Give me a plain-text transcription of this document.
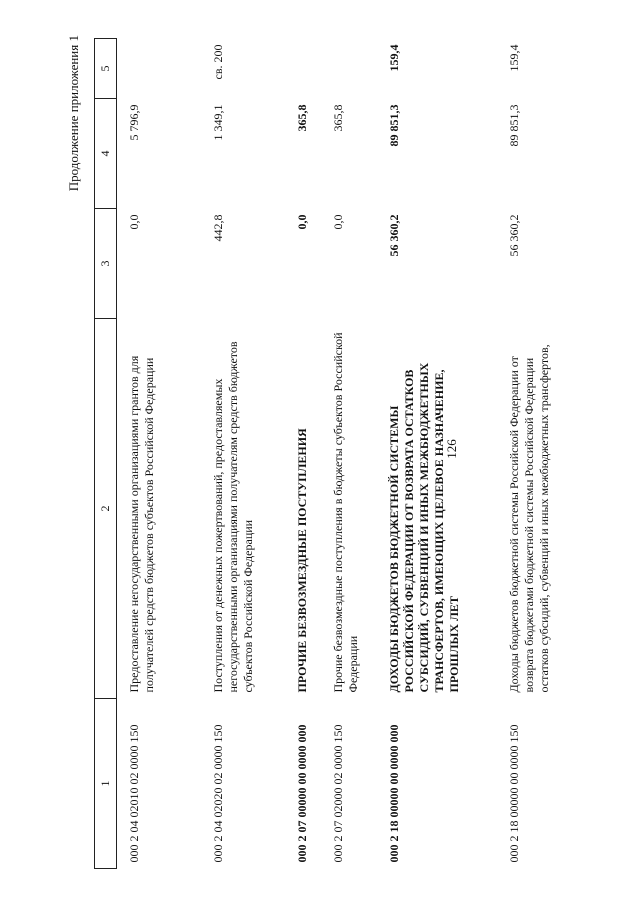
126
Продолжение приложения 1
1	2	3	4	5
000 2 04 02010 02 0000 150	Предоставление негосударственными организациями грантов для получателей средств бюджетов субъектов Российской Федерации	0,0	5 796,9	
000 2 04 02020 02 0000 150	Поступления от денежных пожертвований, предоставляемых негосударственными организациями получателям средств бюджетов субъектов Российской Федерации	442,8	1 349,1	св. 200
000 2 07 00000 00 0000 000	ПРОЧИЕ БЕЗВОЗМЕЗДНЫЕ ПОСТУПЛЕНИЯ	0,0	365,8	
000 2 07 02000 02 0000 150	Прочие безвозмездные поступления в бюджеты субъектов Российской Федерации	0,0	365,8	
000 2 18 00000 00 0000 000	ДОХОДЫ БЮДЖЕТОВ БЮДЖЕТНОЙ СИСТЕМЫ РОССИЙСКОЙ ФЕДЕРАЦИИ ОТ ВОЗВРАТА ОСТАТКОВ СУБСИДИЙ, СУБВЕНЦИЙ И ИНЫХ МЕЖБЮДЖЕТНЫХ ТРАНСФЕРТОВ, ИМЕЮЩИХ ЦЕЛЕВОЕ НАЗНАЧЕНИЕ, ПРОШЛЫХ ЛЕТ	56 360,2	89 851,3	159,4
000 2 18 00000 00 0000 150	Доходы бюджетов бюджетной системы Российской Федерации от возврата бюджетами бюджетной системы Российской Федерации остатков субсидий, субвенций и иных межбюджетных трансфертов,	56 360,2	89 851,3	159,4
